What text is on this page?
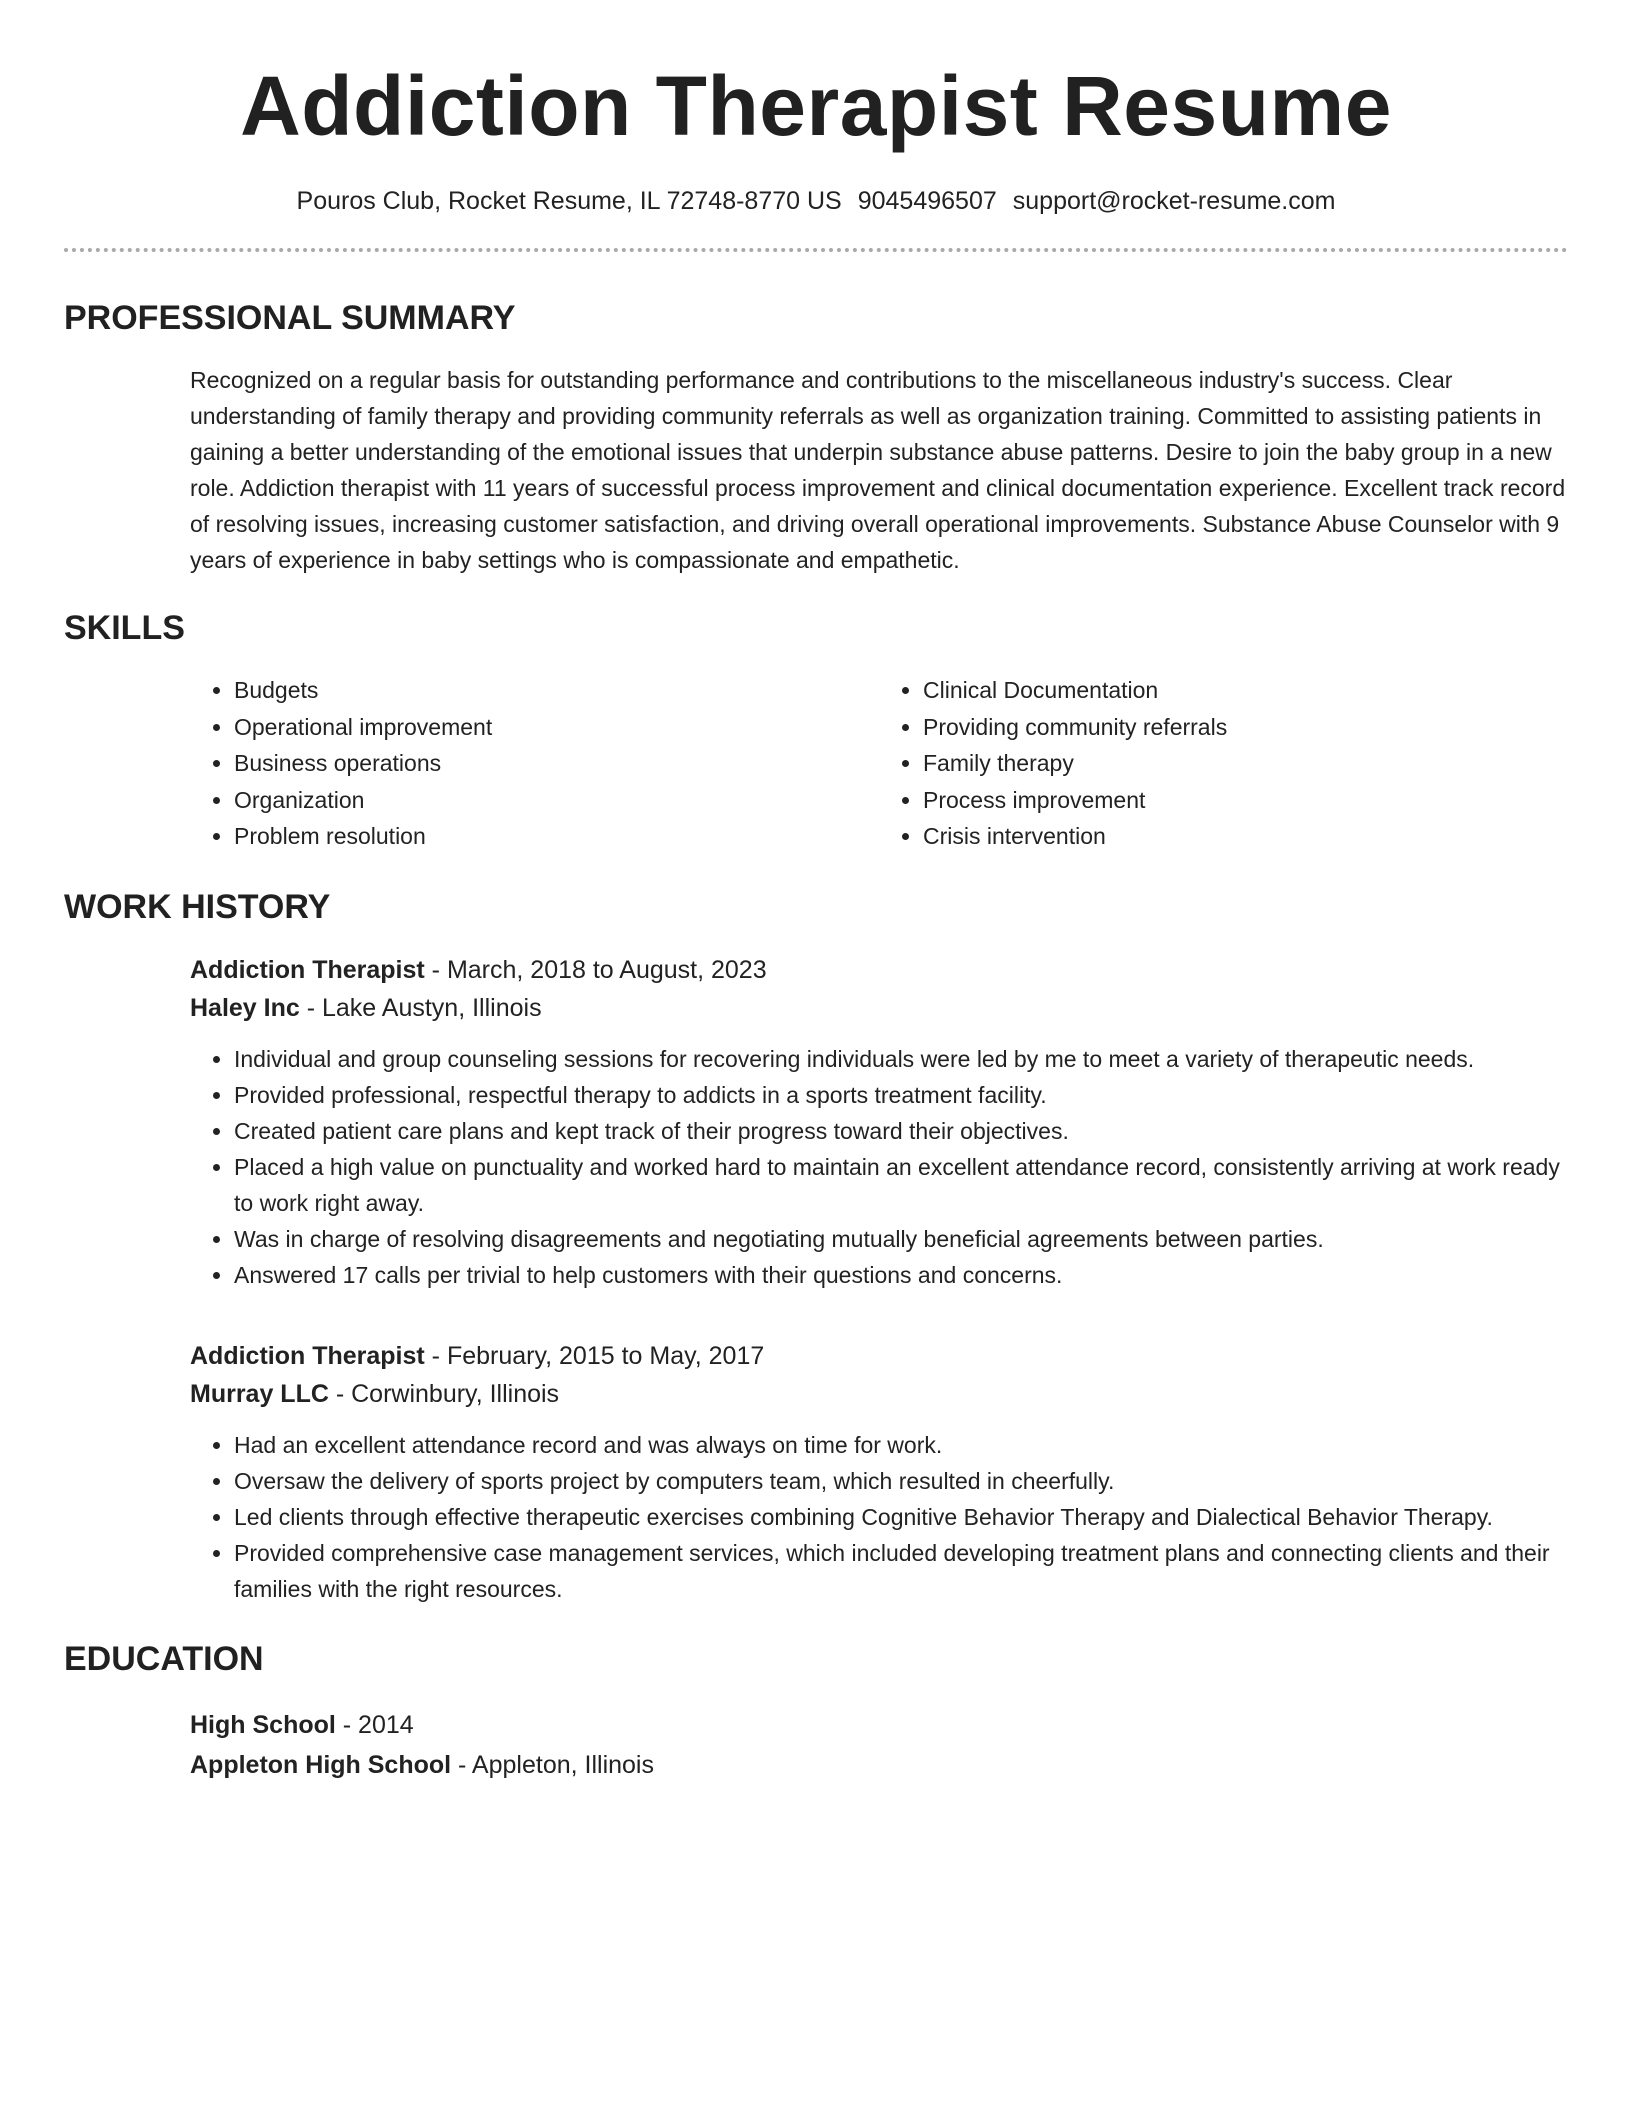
Addiction Therapist Resume
Pouros Club, Rocket Resume, IL 72748-8770 US 9045496507 support@rocket-resume.com
PROFESSIONAL SUMMARY

Recognized on a regular basis for outstanding performance and contributions to the miscellaneous industry's success. Clear understanding of family therapy and providing community referrals as well as organization training. Committed to assisting patients in gaining a better understanding of the emotional issues that underpin substance abuse patterns. Desire to join the baby group in a new role. Addiction therapist with 11 years of successful process improvement and clinical documentation experience. Excellent track record of resolving issues, increasing customer satisfaction, and driving overall operational improvements. Substance Abuse Counselor with 9 years of experience in baby settings who is compassionate and empathetic.

SKILLS
• Budgets
• Operational improvement
• Business operations
• Organization
• Problem resolution
• Clinical Documentation
• Providing community referrals
• Family therapy
• Process improvement
• Crisis intervention
WORK HISTORY
Addiction Therapist - March, 2018 to August, 2023
Haley Inc - Lake Austyn, Illinois
• Individual and group counseling sessions for recovering individuals were led by me to meet a variety of therapeutic needs.
• Provided professional, respectful therapy to addicts in a sports treatment facility.
• Created patient care plans and kept track of their progress toward their objectives.
• Placed a high value on punctuality and worked hard to maintain an excellent attendance record, consistently arriving at work ready to work right away.
• Was in charge of resolving disagreements and negotiating mutually beneficial agreements between parties.
• Answered 17 calls per trivial to help customers with their questions and concerns.
Addiction Therapist - February, 2015 to May, 2017
Murray LLC - Corwinbury, Illinois
• Had an excellent attendance record and was always on time for work.
• Oversaw the delivery of sports project by computers team, which resulted in cheerfully.
• Led clients through effective therapeutic exercises combining Cognitive Behavior Therapy and Dialectical Behavior Therapy.
• Provided comprehensive case management services, which included developing treatment plans and connecting clients and their families with the right resources.
EDUCATION
High School - 2014
Appleton High School - Appleton, Illinois
